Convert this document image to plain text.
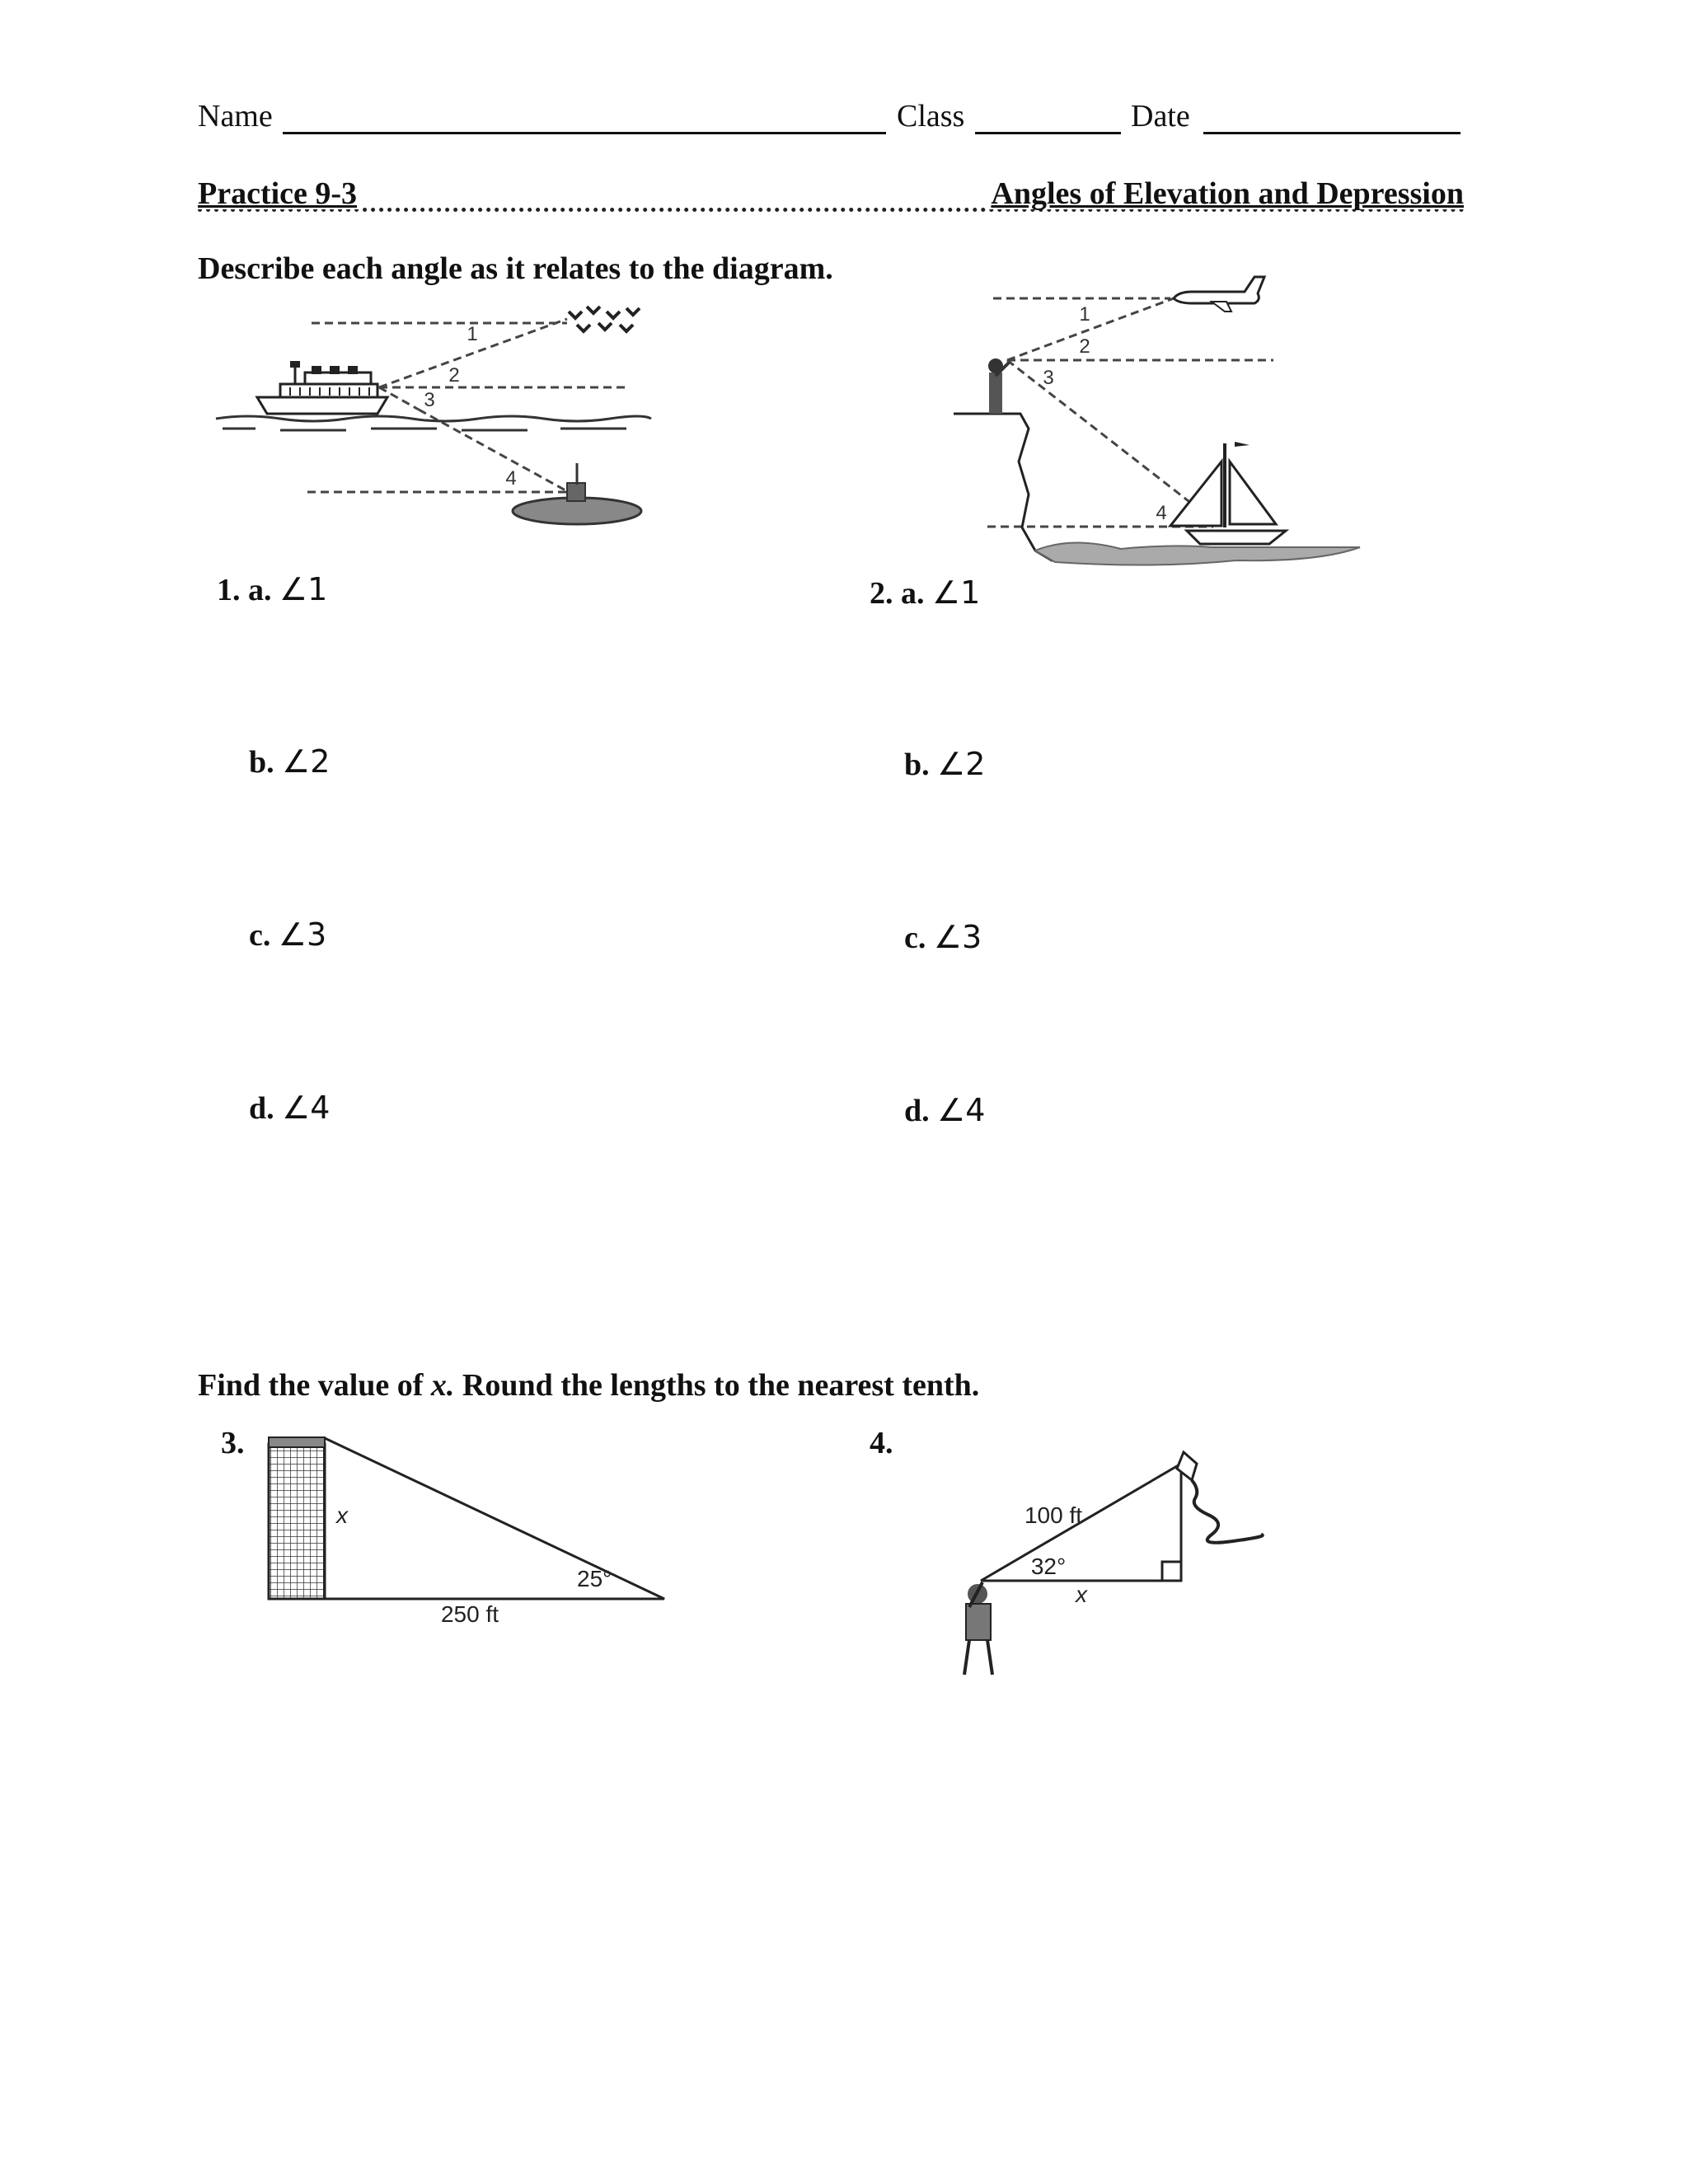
Name	Class	Date
Practice 9-3	Angles of Elevation and Depression
Describe each angle as it relates to the diagram.
1
2
3
4
1
2
3
4
1. a. ∠1
b. ∠2
c. ∠3
d. ∠4
2. a. ∠1
b. ∠2
c. ∠3
d. ∠4
Find the value of x. Round the lengths to the nearest tenth.
3.	4.
x
25°
250 ft
100 ft
32°
x
